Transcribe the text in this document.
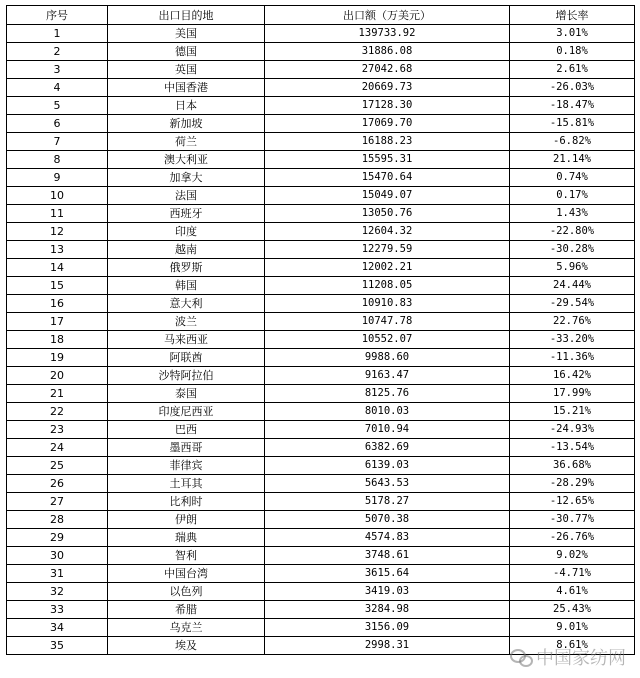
序号	出口目的地	出口额（万美元）	增长率
1	美国	139733.92	3.01%
2	德国	31886.08	0.18%
3	英国	27042.68	2.61%
4	中国香港	20669.73	-26.03%
5	日本	17128.30	-18.47%
6	新加坡	17069.70	-15.81%
7	荷兰	16188.23	-6.82%
8	澳大利亚	15595.31	21.14%
9	加拿大	15470.64	0.74%
10	法国	15049.07	0.17%
11	西班牙	13050.76	1.43%
12	印度	12604.32	-22.80%
13	越南	12279.59	-30.28%
14	俄罗斯	12002.21	5.96%
15	韩国	11208.05	24.44%
16	意大利	10910.83	-29.54%
17	波兰	10747.78	22.76%
18	马来西亚	10552.07	-33.20%
19	阿联酋	9988.60	-11.36%
20	沙特阿拉伯	9163.47	16.42%
21	泰国	8125.76	17.99%
22	印度尼西亚	8010.03	15.21%
23	巴西	7010.94	-24.93%
24	墨西哥	6382.69	-13.54%
25	菲律宾	6139.03	36.68%
26	土耳其	5643.53	-28.29%
27	比利时	5178.27	-12.65%
28	伊朗	5070.38	-30.77%
29	瑞典	4574.83	-26.76%
30	智利	3748.61	9.02%
31	中国台湾	3615.64	-4.71%
32	以色列	3419.03	4.61%
33	希腊	3284.98	25.43%
34	乌克兰	3156.09	9.01%
35	埃及	2998.31	8.61%
中国家纺网
